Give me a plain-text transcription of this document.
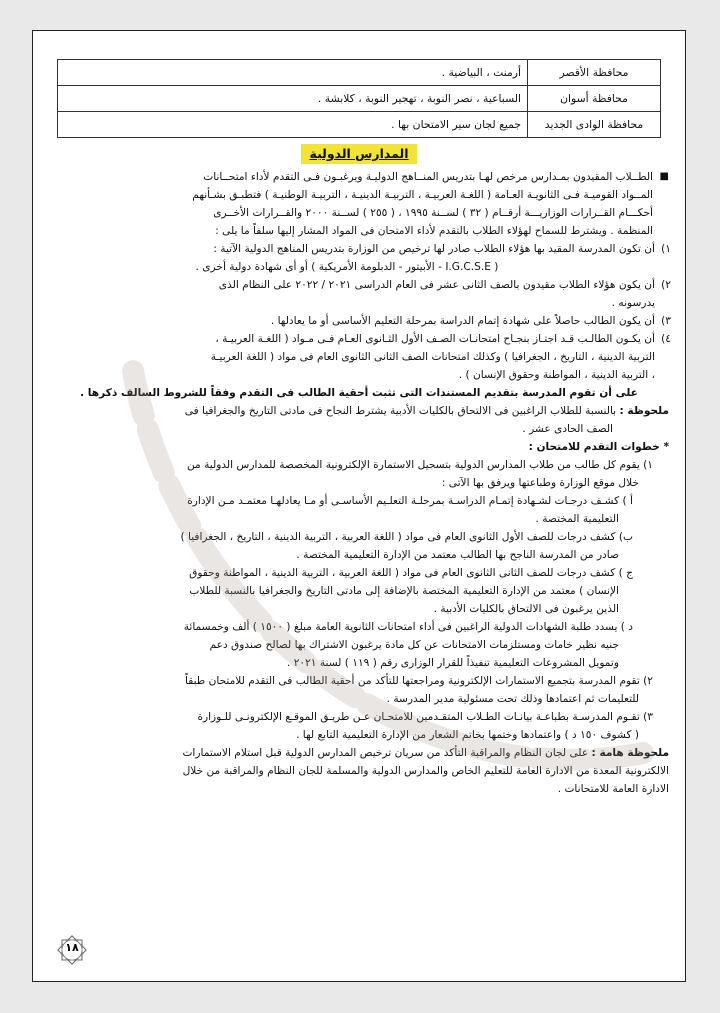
محافظة الأقصر	أرمنت ، البياضية .
محافظة أسوان	السباعية ، نصر النوبة ، تهجير النوبة ، كلابشة .
محافظة الوادى الجديد	جميع لجان سير الامتحان بها .
المدارس الدولية
■

الطــلاب المقيدون بمـدارس مرخص لهـا بتدريس المنــاهج الدوليـة ويرغبـون فـى التقدم لأداء امتحــانات

المــواد القوميـة فـى الثانويـة العـامة ( اللغـة العربيـة ، التربيـة الدينيـة ، التربيـة الوطنيـة ) فتطبـق بشـأنهم

أحكـــام القــرارات الوزاريـــة أرقــام ( ٣٢ ) لســنة ١٩٩٥ ، ( ٢٥٥ ) لســنة ٢٠٠٠ والقــرارات الأخــرى

المنظمة . ويشترط للسماح لهؤلاء الطلاب بالتقدم لأداء الامتحان فى المواد المشار إليها سلفاً ما يلى :

١)

أن تكون المدرسة المقيد بها هؤلاء الطلاب صادر لها ترخيص من الوزارة بتدريس المناهج الدولية الآتية :

( I.G.C.S.E - الأبيتور - الدبلومة الأمريكية ) أو أى شهادة دولية أخرى .

٢)

أن يكون هؤلاء الطلاب مقيدون بالصف الثانى عشر فى العام الدراسى ٢٠٢١ / ٢٠٢٢ على النظام الذى

يدرسونه .

٣)

أن يكون الطالب حاصلاً على شهادة إتمام الدراسة بمرحلة التعليم الأساسى أو ما يعادلها .

٤)

أن يكـون الطالـب قـد اجتـاز بنجـاح امتحانـات الصـف الأول الثـانوى العـام فـى مـواد ( اللغـة العربيـة ،

التربية الدينية ، التاريخ ، الجغرافيا ) وكذلك امتحانات الصف الثانى الثانوى العام فى مواد ( اللغة العربيـة

، التربية الدينية ، المواطنة وحقوق الإنسان ) .

على أن تقوم المدرسة بتقديم المستندات التى تثبت أحقية الطالب فى التقدم وفقاً للشروط السالف ذكرها .

ملحوظة : بالنسبة للطلاب الراغبين فى الالتحاق بالكليات الأدبية يشترط النجاح فى مادتى التاريخ والجغرافيا فى

الصف الحادى عشر .

* خطوات التقدم للامتحان :

١) يقوم كل طالب من طلاب المدارس الدولية بتسجيل الاستمارة الإلكترونية المخصصة للمدارس الدولية من

خلال موقع الوزارة وطباعتها ويرفق بها الآتى :

أ ) كشـف درجـات لشـهادة إتمـام الدراسـة بمرحلـة التعلـيم الأساسـى أو مـا يعادلهـا معتمـد مـن الإدارة

التعليمية المختصة .

ب) كشف درجات للصف الأول الثانوى العام فى مواد ( اللغة العربية ، التربية الدينية ، التاريخ ، الجغرافيا )

صادر من المدرسة الناجح بها الطالب معتمد من الإدارة التعليمية المختصة .

ج ) كشف درجات للصف الثانى الثانوى العام فى مواد ( اللغة العربية ، التربية الدينية ، المواطنة وحقوق

الإنسان ) معتمد من الإدارة التعليمية المختصة بالإضافة إلى مادتى التاريخ والجغرافيا بالنسبة للطلاب

الذين يرغبون فى الالتحاق بالكليات الأدبية .

د ) يسدد طلبة الشهادات الدولية الراغبين فى أداء امتحانات الثانوية العامة مبلغ ( ١٥٠٠ ) ألف وخمسمائة

جنيه نظير خامات ومستلزمات الامتحانات عن كل مادة يرغبون الاشتراك بها لصالح صندوق دعم

وتمويل المشروعات التعليمية تنفيذاً للقرار الوزارى رقم ( ١١٩ ) لسنة ٢٠٢١ .

٢) تقوم المدرسة بتجميع الاستمارات الإلكترونية ومراجعتها للتأكد من أحقية الطالب فى التقدم للامتحان طبقاً

للتعليمات ثم اعتمادها وذلك تحت مسئولية مدير المدرسة .

٣) تقـوم المدرسـة بطباعـة بيانـات الطـلاب المتقـدمين للامتحـان عـن طريـق الموقـع الإلكترونـى للـوزارة

( كشوف ١٥٠ د ) واعتمادها وختمها بخاتم الشعار من الإدارة التعليمية التابع لها .

ملحوظة هامة : على لجان النظام والمراقبة التأكد من سريان ترخيص المدارس الدولية قبل استلام الاستمارات

الالكترونية المعدة من الادارة العامة للتعليم الخاص والمدارس الدولية والمسلمة للجان النظام والمراقبة من خلال

الادارة العامة للامتحانات .

١٨
